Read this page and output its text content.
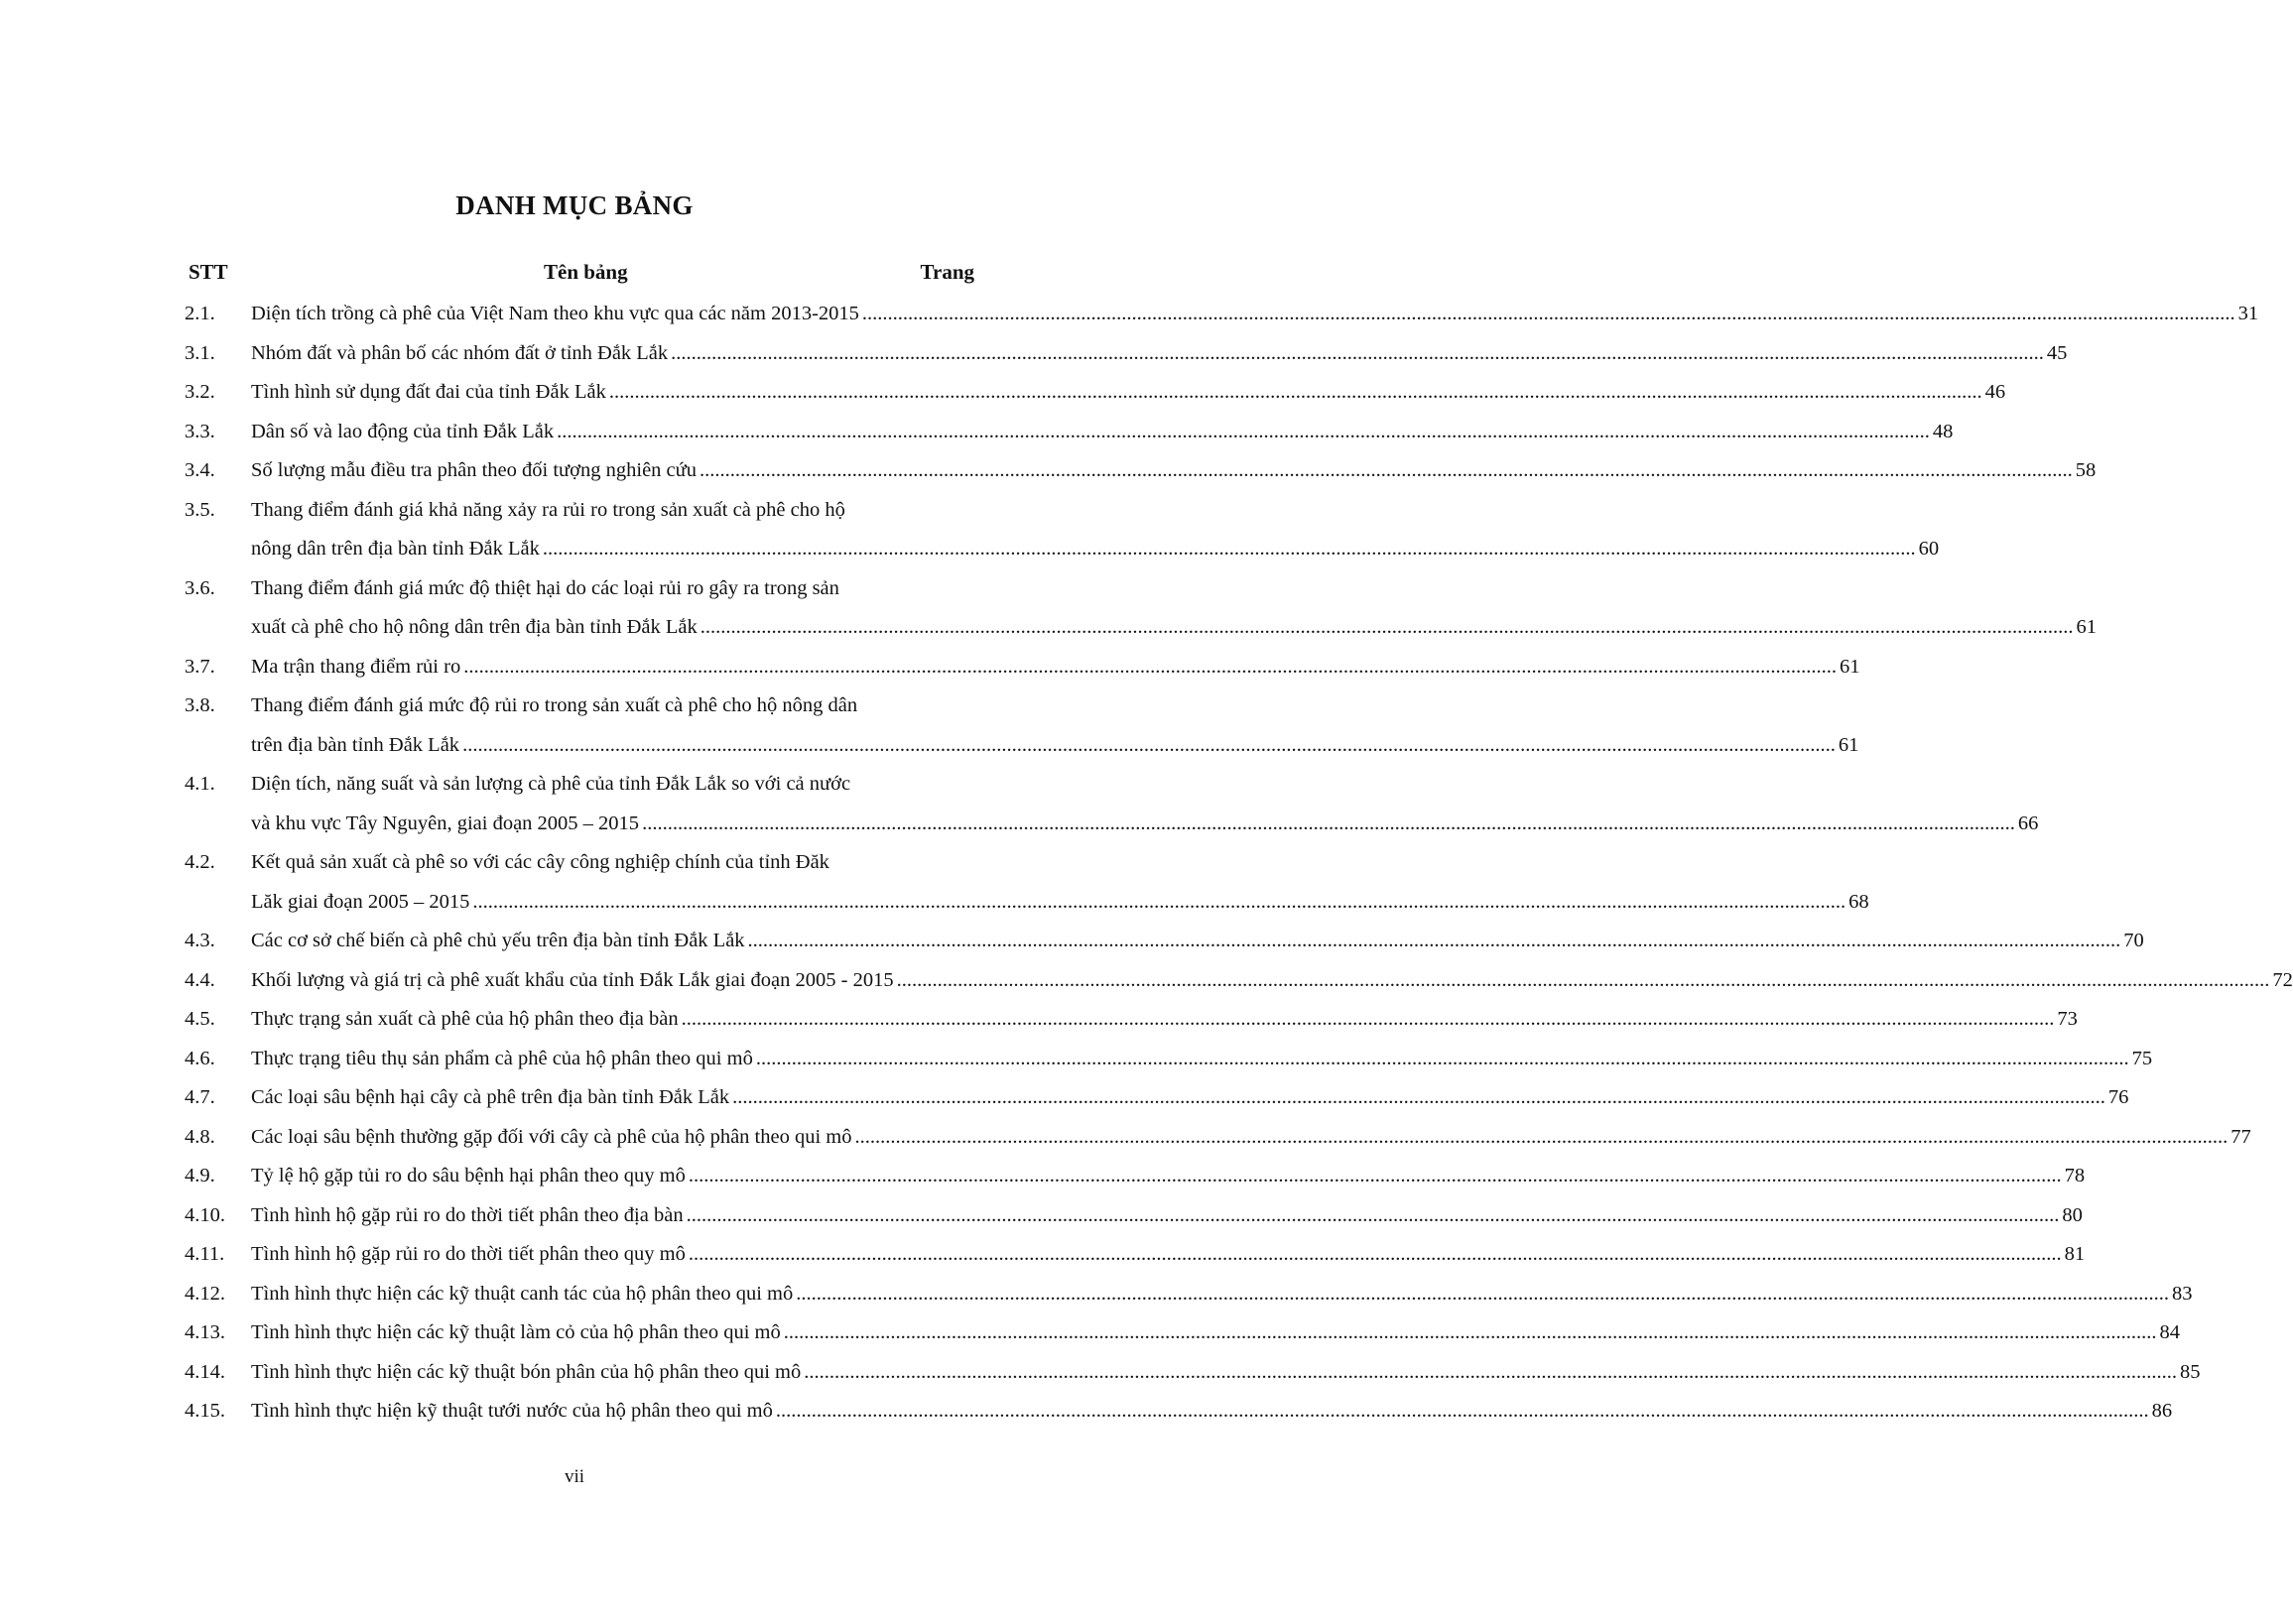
DANH MỤC BẢNG
STT	Tên bảng	Trang
2.1. Diện tích trồng cà phê của Việt Nam theo khu vực qua các năm 2013-2015 .............................................................................................................................................................................................................................................................................. 31
3.1. Nhóm đất và phân bố các nhóm đất ở tỉnh Đắk Lắk .............................................................................................................................................................................................................................................................................. 45
3.2. Tình hình sử dụng đất đai của tỉnh Đắk Lắk .............................................................................................................................................................................................................................................................................. 46
3.3. Dân số và lao động của tỉnh Đắk Lắk .............................................................................................................................................................................................................................................................................. 48
3.4. Số lượng mẫu điều tra phân theo đối tượng nghiên cứu .............................................................................................................................................................................................................................................................................. 58
3.5. Thang điểm đánh giá khả năng xảy ra rủi ro trong sản xuất cà phê cho hộ
nông dân trên địa bàn tỉnh Đắk Lắk .............................................................................................................................................................................................................................................................................. 60
3.6. Thang điểm đánh giá mức độ thiệt hại do các loại rủi ro gây ra trong sản
xuất cà phê cho hộ nông dân trên địa bàn tỉnh Đắk Lắk .............................................................................................................................................................................................................................................................................. 61
3.7. Ma trận thang điểm rủi ro .............................................................................................................................................................................................................................................................................. 61
3.8. Thang điểm đánh giá mức độ rủi ro trong sản xuất cà phê cho hộ nông dân
trên địa bàn tỉnh Đắk Lắk .............................................................................................................................................................................................................................................................................. 61
4.1. Diện tích, năng suất và sản lượng cà phê của tỉnh Đắk Lắk so với cả nước
và khu vực Tây Nguyên, giai đoạn 2005 – 2015 .............................................................................................................................................................................................................................................................................. 66
4.2. Kết quả sản xuất cà phê so với các cây công nghiệp chính của tỉnh Đăk
Lăk giai đoạn 2005 – 2015 .............................................................................................................................................................................................................................................................................. 68
4.3. Các cơ sở chế biến cà phê chủ yếu trên địa bàn tỉnh Đắk Lắk .............................................................................................................................................................................................................................................................................. 70
4.4. Khối lượng và giá trị cà phê xuất khẩu của tỉnh Đắk Lắk giai đoạn 2005 - 2015 .............................................................................................................................................................................................................................................................................. 72
4.5. Thực trạng sản xuất cà phê của hộ phân theo địa bàn .............................................................................................................................................................................................................................................................................. 73
4.6. Thực trạng tiêu thụ sản phẩm cà phê của hộ phân theo qui mô .............................................................................................................................................................................................................................................................................. 75
4.7. Các loại sâu bệnh hại cây cà phê trên địa bàn tỉnh Đắk Lắk .............................................................................................................................................................................................................................................................................. 76
4.8. Các loại sâu bệnh thường gặp đối với cây cà phê của hộ phân theo qui mô .............................................................................................................................................................................................................................................................................. 77
4.9. Tỷ lệ hộ gặp tủi ro do sâu bệnh hại phân theo quy mô .............................................................................................................................................................................................................................................................................. 78
4.10. Tình hình hộ gặp rủi ro do thời tiết phân theo địa bàn .............................................................................................................................................................................................................................................................................. 80
4.11. Tình hình hộ gặp rủi ro do thời tiết phân theo quy mô .............................................................................................................................................................................................................................................................................. 81
4.12. Tình hình thực hiện các kỹ thuật canh tác của hộ phân theo qui mô .............................................................................................................................................................................................................................................................................. 83
4.13. Tình hình thực hiện các kỹ thuật làm cỏ của hộ phân theo qui mô .............................................................................................................................................................................................................................................................................. 84
4.14. Tình hình thực hiện các kỹ thuật bón phân của hộ phân theo qui mô .............................................................................................................................................................................................................................................................................. 85
4.15. Tình hình thực hiện kỹ thuật tưới nước của hộ phân theo qui mô .............................................................................................................................................................................................................................................................................. 86
vii
